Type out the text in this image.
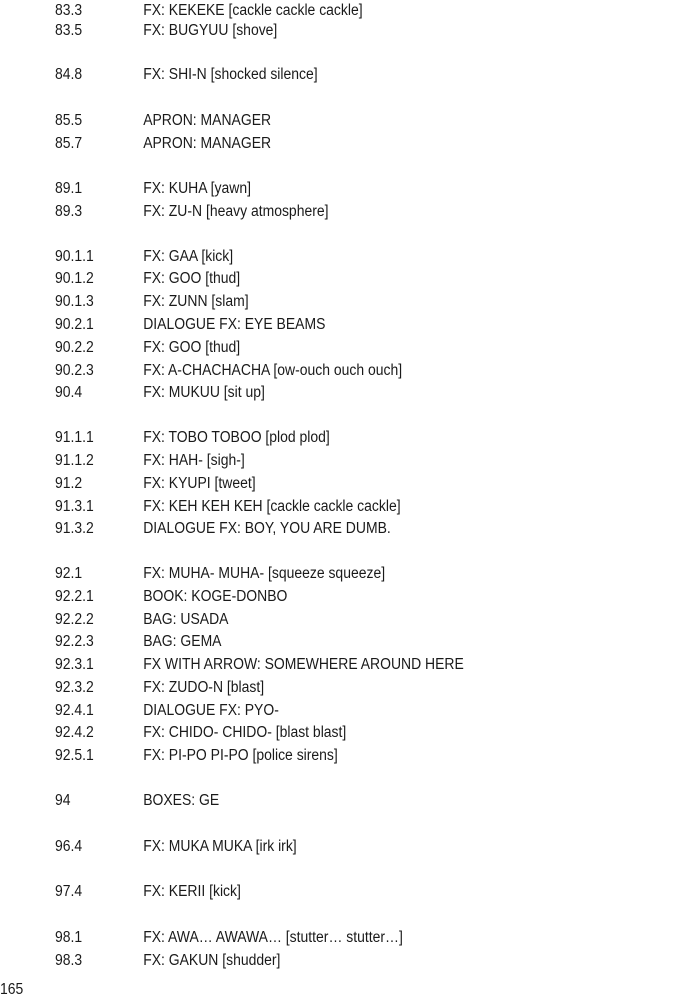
83.3	FX: KEKEKE [cackle cackle cackle]
83.5	FX: BUGYUU [shove]
84.8	FX: SHI-N [shocked silence]
85.5	APRON: MANAGER
85.7	APRON: MANAGER
89.1	FX: KUHA [yawn]
89.3	FX: ZU-N [heavy atmosphere]
90.1.1	FX: GAA [kick]
90.1.2	FX: GOO [thud]
90.1.3	FX: ZUNN [slam]
90.2.1	DIALOGUE FX: EYE BEAMS
90.2.2	FX: GOO [thud]
90.2.3	FX: A-CHACHACHA [ow-ouch ouch ouch]
90.4	FX: MUKUU [sit up]
91.1.1	FX: TOBO TOBOO [plod plod]
91.1.2	FX: HAH- [sigh-]
91.2	FX: KYUPI [tweet]
91.3.1	FX: KEH KEH KEH [cackle cackle cackle]
91.3.2	DIALOGUE FX: BOY, YOU ARE DUMB.
92.1	FX: MUHA- MUHA- [squeeze squeeze]
92.2.1	BOOK: KOGE-DONBO
92.2.2	BAG: USADA
92.2.3	BAG: GEMA
92.3.1	FX WITH ARROW: SOMEWHERE AROUND HERE
92.3.2	FX: ZUDO-N [blast]
92.4.1	DIALOGUE FX: PYO-
92.4.2	FX: CHIDO- CHIDO- [blast blast]
92.5.1	FX: PI-PO PI-PO [police sirens]
94	BOXES: GE
96.4	FX: MUKA MUKA [irk irk]
97.4	FX: KERII [kick]
98.1	FX: AWA… AWAWA… [stutter… stutter…]
98.3	FX: GAKUN [shudder]
165
